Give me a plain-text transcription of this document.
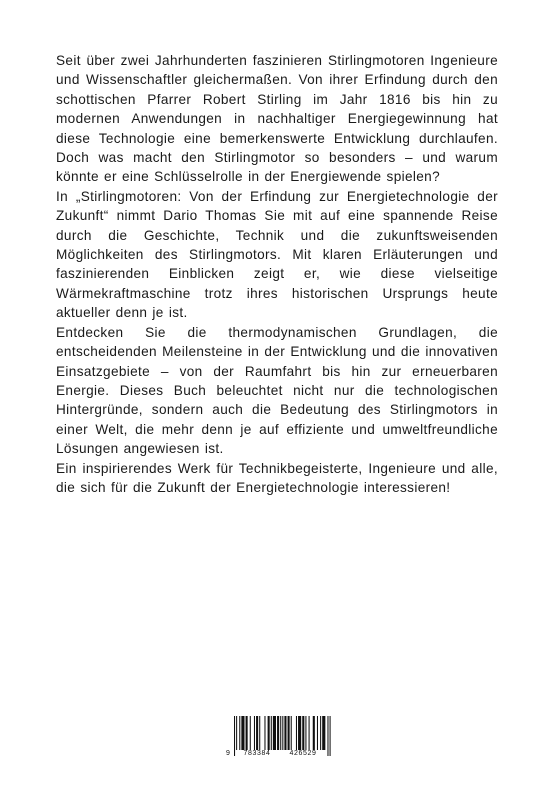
Seit über zwei Jahrhunderten faszinieren Stirlingmotoren Ingenieure und Wissenschaftler gleichermaßen. Von ihrer Erfindung durch den schottischen Pfarrer Robert Stirling im Jahr 1816 bis hin zu modernen Anwendungen in nachhaltiger Energiegewinnung hat diese Technologie eine bemerkenswerte Entwicklung durchlaufen. Doch was macht den Stirlingmotor so besonders – und warum könnte er eine Schlüsselrolle in der Energiewende spielen?

In „Stirlingmotoren: Von der Erfindung zur Energietechnologie der Zukunft“ nimmt Dario Thomas Sie mit auf eine spannende Reise durch die Geschichte, Technik und die zukunftsweisenden Möglichkeiten des Stirlingmotors. Mit klaren Erläuterungen und faszinierenden Einblicken zeigt er, wie diese vielseitige Wärmekraftmaschine trotz ihres historischen Ursprungs heute aktueller denn je ist.

Entdecken Sie die thermodynamischen Grundlagen, die entscheidenden Meilensteine in der Entwicklung und die innovativen Einsatzgebiete – von der Raumfahrt bis hin zur erneuerbaren Energie. Dieses Buch beleuchtet nicht nur die technologischen Hintergründe, sondern auch die Bedeutung des Stirlingmotors in einer Welt, die mehr denn je auf effiziente und umweltfreundliche Lösungen angewiesen ist.

Ein inspirierendes Werk für Technikbegeisterte, Ingenieure und alle, die sich für die Zukunft der Energietechnologie interessieren!

9	783384	426529
